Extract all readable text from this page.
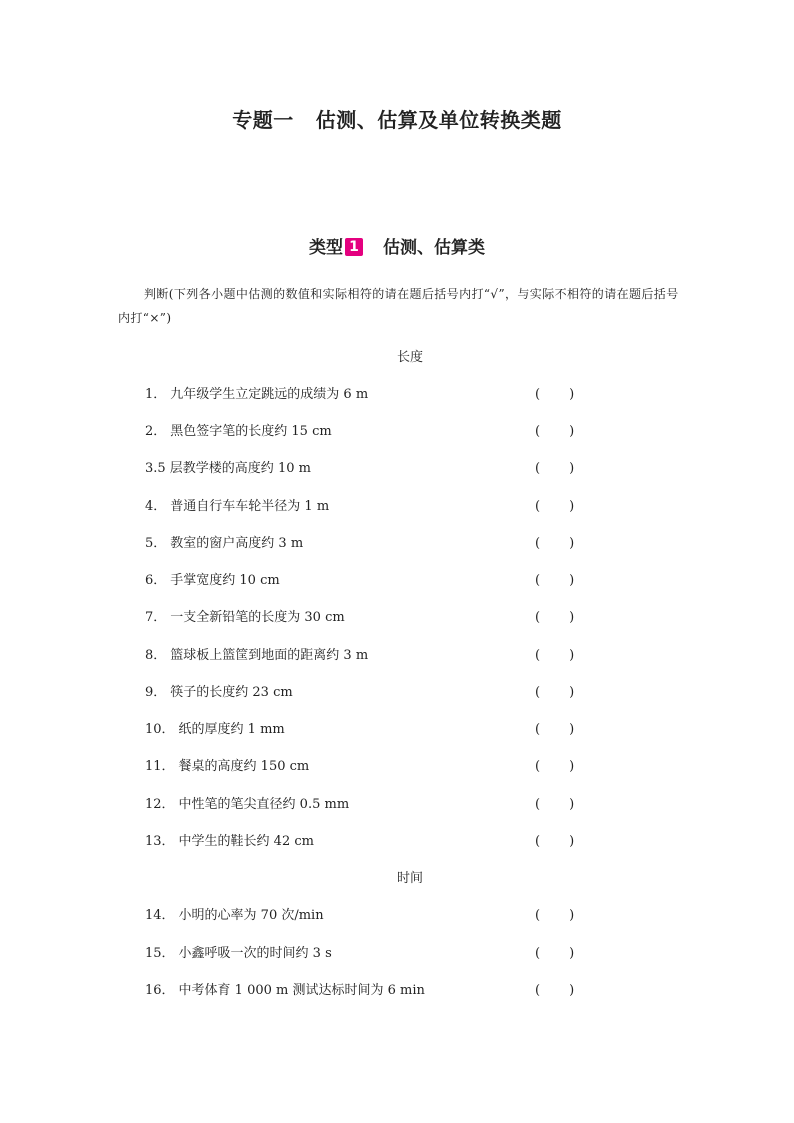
专题一 估测、估算及单位转换类题
类型 1 估测、估算类
判断(下列各小题中估测的数值和实际相符的请在题后括号内打“√”，与实际不相符的请在题后括号内打“×”)
长度
1． 九年级学生立定跳远的成绩为 6 m	(　　)
2． 黑色签字笔的长度约 15 cm	(　　)
3.5 层教学楼的高度约 10 m	(　　)
4． 普通自行车车轮半径为 1 m	(　　)
5． 教室的窗户高度约 3 m	(　　)
6． 手掌宽度约 10 cm	(　　)
7． 一支全新铅笔的长度为 30 cm	(　　)
8． 篮球板上篮筐到地面的距离约 3 m	(　　)
9． 筷子的长度约 23 cm	(　　)
10． 纸的厚度约 1 mm	(　　)
11． 餐桌的高度约 150 cm	(　　)
12． 中性笔的笔尖直径约 0.5 mm	(　　)
13． 中学生的鞋长约 42 cm	(　　)
时间
14． 小明的心率为 70 次/min	(　　)
15． 小鑫呼吸一次的时间约 3 s	(　　)
16． 中考体育 1 000 m 测试达标时间为 6 min	(　　)
